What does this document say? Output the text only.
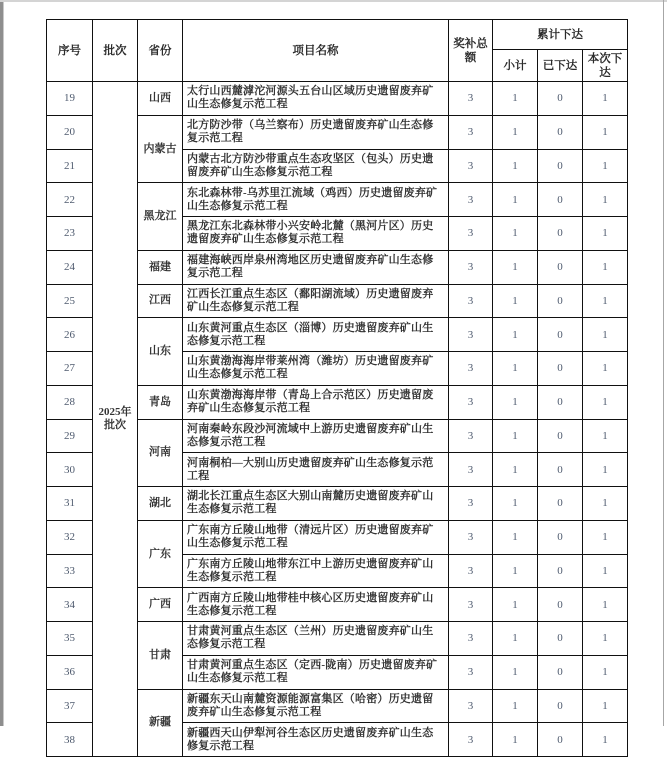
序号	批次	省份	项目名称	奖补总额	累计下达		
					小计	已下达	本次下达
19	2025年批次	山西	太行山西麓滹沱河源头五台山区域历史遗留废弃矿山生态修复示范工程	3	1	0	1
20		内蒙古	北方防沙带（乌兰察布）历史遗留废弃矿山生态修复示范工程	3	1	0	1
21			内蒙古北方防沙带重点生态攻坚区（包头）历史遗留废弃矿山生态修复示范工程	3	1	0	1
22		黑龙江	东北森林带-乌苏里江流域（鸡西）历史遗留废弃矿山生态修复示范工程	3	1	0	1
23			黑龙江东北森林带小兴安岭北麓（黑河片区）历史遗留废弃矿山生态修复示范工程	3	1	0	1
24		福建	福建海峡西岸泉州湾地区历史遗留废弃矿山生态修复示范工程	3	1	0	1
25		江西	江西长江重点生态区（鄱阳湖流域）历史遗留废弃矿山生态修复示范工程	3	1	0	1
26		山东	山东黄河重点生态区（淄博）历史遗留废弃矿山生态修复示范工程	3	1	0	1
27			山东黄渤海海岸带莱州湾（潍坊）历史遗留废弃矿山生态修复示范工程	3	1	0	1
28		青岛	山东黄渤海海岸带（青岛上合示范区）历史遗留废弃矿山生态修复示范工程	3	1	0	1
29		河南	河南秦岭东段沙河流域中上游历史遗留废弃矿山生态修复示范工程	3	1	0	1
30			河南桐柏—大别山历史遗留废弃矿山生态修复示范工程	3	1	0	1
31		湖北	湖北长江重点生态区大别山南麓历史遗留废弃矿山生态修复示范工程	3	1	0	1
32		广东	广东南方丘陵山地带（清远片区）历史遗留废弃矿山生态修复示范工程	3	1	0	1
33			广东南方丘陵山地带东江中上游历史遗留废弃矿山生态修复示范工程	3	1	0	1
34		广西	广西南方丘陵山地带桂中核心区历史遗留废弃矿山生态修复示范工程	3	1	0	1
35		甘肃	甘肃黄河重点生态区（兰州）历史遗留废弃矿山生态修复示范工程	3	1	0	1
36			甘肃黄河重点生态区（定西-陇南）历史遗留废弃矿山生态修复示范工程	3	1	0	1
37		新疆	新疆东天山南麓资源能源富集区（哈密）历史遗留废弃矿山生态修复示范工程	3	1	0	1
38			新疆西天山伊犁河谷生态区历史遗留废弃矿山生态修复示范工程	3	1	0	1
